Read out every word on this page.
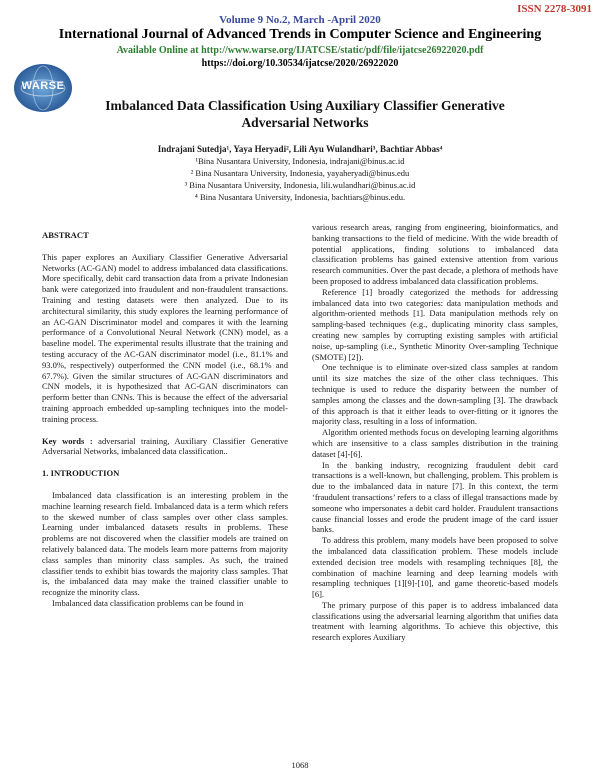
ISSN 2278-3091
Volume 9 No.2, March -April 2020
International Journal of Advanced Trends in Computer Science and Engineering
Available Online at http://www.warse.org/IJATCSE/static/pdf/file/ijatcse26922020.pdf
https://doi.org/10.30534/ijatcse/2020/26922020
WARSE
Imbalanced Data Classification Using Auxiliary Classifier Generative
Adversarial Networks
Indrajani Sutedja¹, Yaya Heryadi², Lili Ayu Wulandhari³, Bachtiar Abbas⁴
¹Bina Nusantara University, Indonesia, indrajani@binus.ac.id
² Bina Nusantara University, Indonesia, yayaheryadi@binus.edu
³ Bina Nusantara University, Indonesia, lili.wulandhari@binus.ac.id
⁴ Bina Nusantara University, Indonesia, bachtiars@binus.edu.

ABSTRACT

This paper explores an Auxiliary Classifier Generative Adversarial Networks (AC-GAN) model to address imbalanced data classifications. More specifically, debit card transaction data from a private Indonesian bank were categorized into fraudulent and non-fraudulent transactions. Training and testing datasets were then analyzed. Due to its architectural similarity, this study explores the learning performance of an AC-GAN Discriminator model and compares it with the learning performance of a Convolutional Neural Network (CNN) model, as a baseline model. The experimental results illustrate that the training and testing accuracy of the AC-GAN discriminator model (i.e., 81.1% and 93.0%, respectively) outperformed the CNN model (i.e., 68.1% and 67.7%). Given the similar structures of AC-GAN discriminators and CNN models, it is hypothesized that AC-GAN discriminators can perform better than CNNs. This is because the effect of the adversarial training approach embedded up-sampling techniques into the model-training process.

Key words : adversarial training, Auxiliary Classifier Generative Adversarial Networks, imbalanced data classification..

1. INTRODUCTION

Imbalanced data classification is an interesting problem in the machine learning research field. Imbalanced data is a term which refers to the skewed number of class samples over other class samples. Learning under imbalanced datasets results in problems. These problems are not discovered when the classifier models are trained on relatively balanced data. The models learn more patterns from majority class samples than minority class samples. As such, the trained classifier tends to exhibit bias towards the majority class samples. That is, the imbalanced data may make the trained classifier unable to recognize the minority class.

Imbalanced data classification problems can be found in

various research areas, ranging from engineering, bioinformatics, and banking transactions to the field of medicine. With the wide breadth of potential applications, finding solutions to imbalanced data classification problems has gained extensive attention from various research communities. Over the past decade, a plethora of methods have been proposed to address imbalanced data classification problems.

Reference [1] broadly categorized the methods for addressing imbalanced data into two categories: data manipulation methods and algorithm-oriented methods [1]. Data manipulation methods rely on sampling-based techniques (e.g., duplicating minority class samples, creating new samples by corrupting existing samples with artificial noise, up-sampling (i.e., Synthetic Minority Over-sampling Technique (SMOTE) [2]).

One technique is to eliminate over-sized class samples at random until its size matches the size of the other class techniques. This technique is used to reduce the disparity between the number of samples among the classes and the down-sampling [3]. The drawback of this approach is that it either leads to over-fitting or it ignores the majority class, resulting in a loss of information.

Algorithm oriented methods focus on developing learning algorithms which are insensitive to a class samples distribution in the training dataset [4]-[6].

In the banking industry, recognizing fraudulent debit card transactions is a well-known, but challenging, problem. This problem is due to the imbalanced data in nature [7]. In this context, the term ‘fraudulent transactions’ refers to a class of illegal transactions made by someone who impersonates a debit card holder. Fraudulent transactions cause financial losses and erode the prudent image of the card issuer banks.

To address this problem, many models have been proposed to solve the imbalanced data classification problem. These models include extended decision tree models with resampling techniques [8], the combination of machine learning and deep learning models with resampling techniques [1][9]-[10], and game theoretic-based models [6].

The primary purpose of this paper is to address imbalanced data classifications using the adversarial learning algorithm that unifies data treatment with learning algorithms. To achieve this objective, this research explores Auxiliary

1068
